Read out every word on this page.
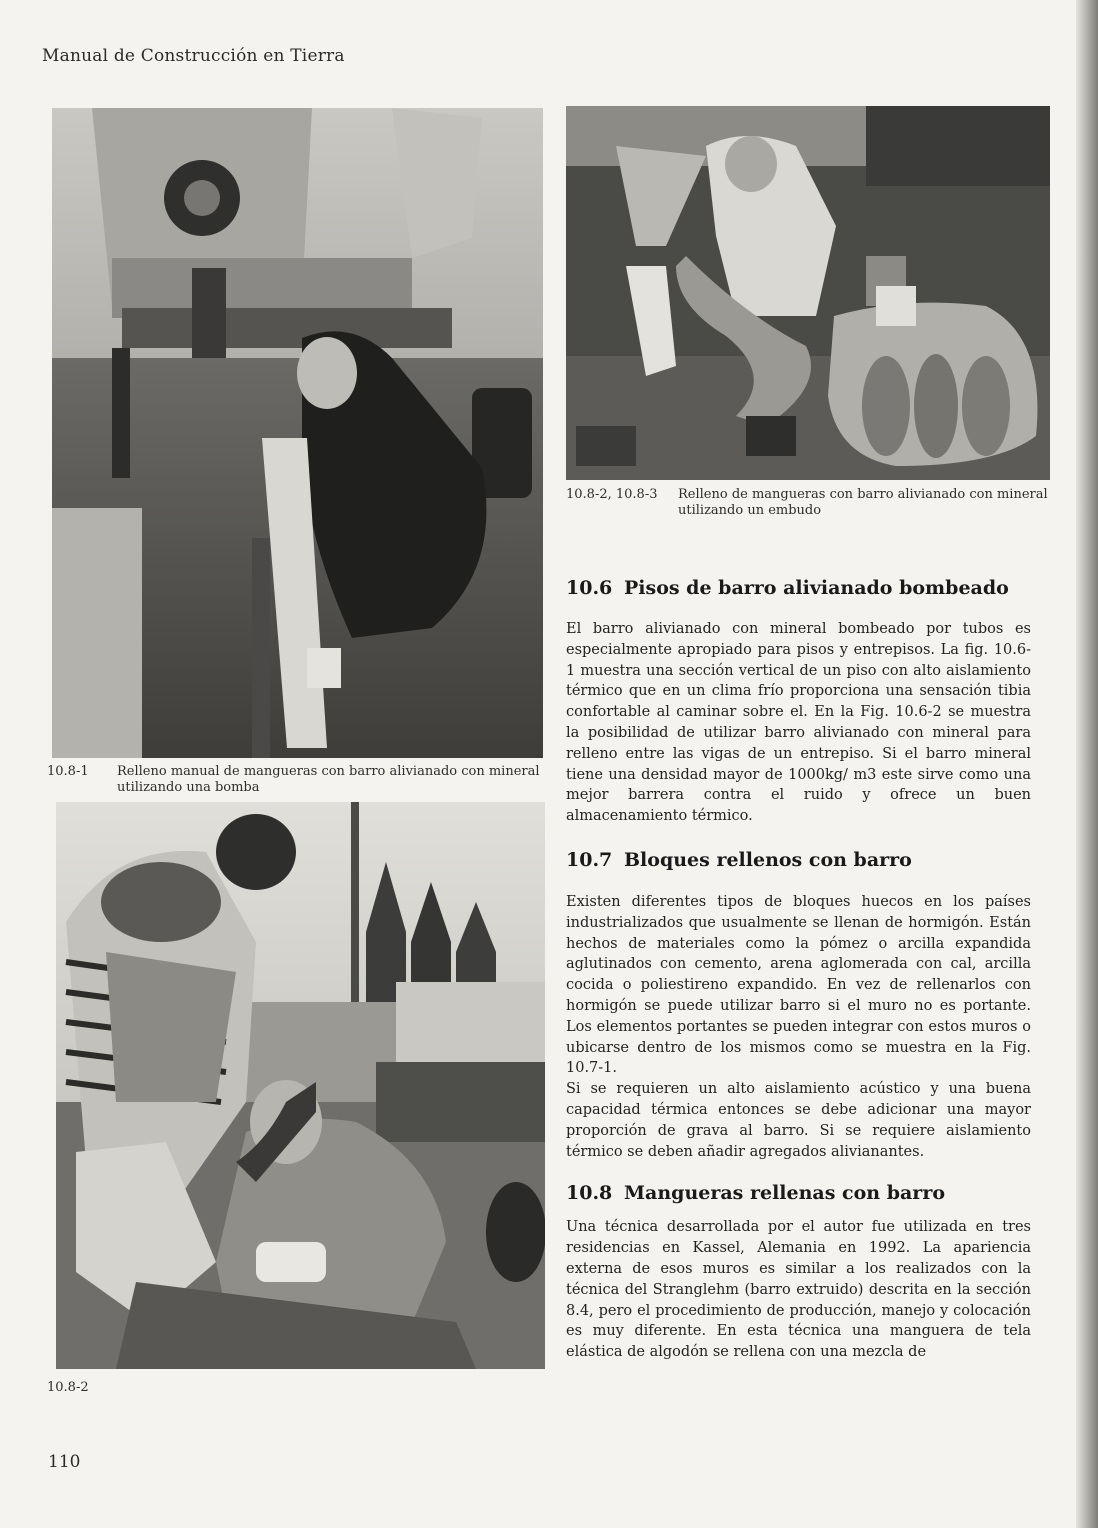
Manual de Construcción en Tierra
10.8-1 Relleno manual de mangueras con barro alivianado con mineral utilizando una bomba
10.8-2, 10.8-3 Relleno de mangueras con barro alivianado con mineral utilizando un embudo
10.8-2
10.6 Pisos de barro alivianado bombeado

El barro alivianado con mineral bombeado por tubos es especialmente apropiado para pisos y entrepisos. La fig. 10.6-1 muestra una sección vertical de un piso con alto aislamiento térmico que en un clima frío proporciona una sensación tibia confortable al caminar sobre el. En la Fig. 10.6-2 se muestra la posibilidad de utilizar barro alivianado con mineral para relleno entre las vigas de un entrepiso. Si el barro mineral tiene una densidad mayor de 1000kg/ m3 este sirve como una mejor barrera contra el ruido y ofrece un buen almacenamiento térmico.

10.7 Bloques rellenos con barro

Existen diferentes tipos de bloques huecos en los países industrializados que usualmente se llenan de hormigón. Están hechos de materiales como la pómez o arcilla expandida aglutinados con cemento, arena aglomerada con cal, arcilla cocida o poliestireno expandido. En vez de rellenarlos con hormigón se puede utilizar barro si el muro no es portante. Los elementos portantes se pueden integrar con estos muros o ubicarse dentro de los mismos como se muestra en la Fig. 10.7-1.

Si se requieren un alto aislamiento acústico y una buena capacidad térmica entonces se debe adicionar una mayor proporción de grava al barro. Si se requiere aislamiento térmico se deben añadir agregados alivianantes.

10.8 Mangueras rellenas con barro

Una técnica desarrollada por el autor fue utilizada en tres residencias en Kassel, Alemania en 1992. La apariencia externa de esos muros es similar a los realizados con la técnica del Stranglehm (barro extruido) descrita en la sección 8.4, pero el procedimiento de producción, manejo y colocación es muy diferente. En esta técnica una manguera de tela elástica de algodón se rellena con una mezcla de

110
